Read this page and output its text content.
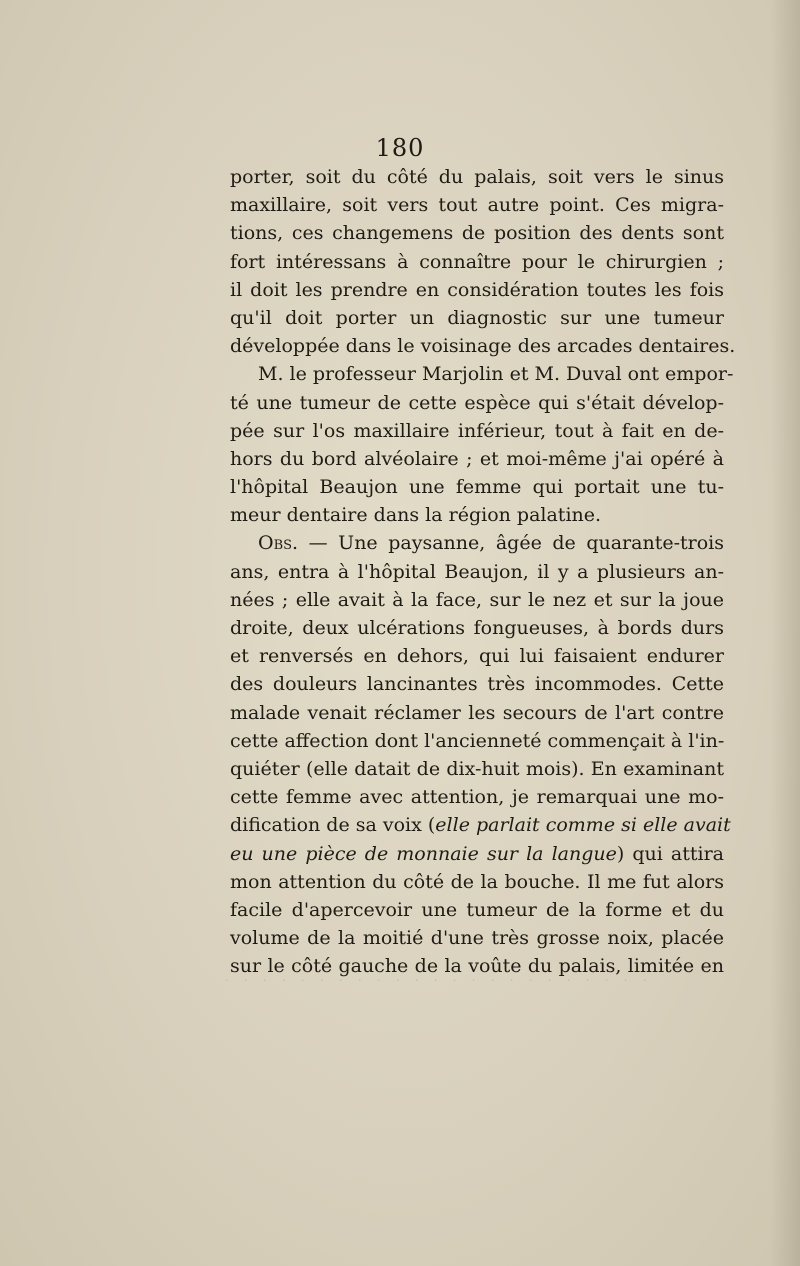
180
porter, soit du côté du palais, soit vers le sinus
maxillaire, soit vers tout autre point. Ces migra-
tions, ces changemens de position des dents sont
fort intéressans à connaître pour le chirurgien ;
il doit les prendre en considération toutes les fois
qu'il doit porter un diagnostic sur une tumeur
développée dans le voisinage des arcades dentaires.
M. le professeur Marjolin et M. Duval ont empor-
té une tumeur de cette espèce qui s'était dévelop-
pée sur l'os maxillaire inférieur, tout à fait en de-
hors du bord alvéolaire ; et moi-même j'ai opéré à
l'hôpital Beaujon une femme qui portait une tu-
meur dentaire dans la région palatine.
Obs. — Une paysanne, âgée de quarante-trois
ans, entra à l'hôpital Beaujon, il y a plusieurs an-
nées ; elle avait à la face, sur le nez et sur la joue
droite, deux ulcérations fongueuses, à bords durs
et renversés en dehors, qui lui faisaient endurer
des douleurs lancinantes très incommodes. Cette
malade venait réclamer les secours de l'art contre
cette affection dont l'ancienneté commençait à l'in-
quiéter (elle datait de dix-huit mois). En examinant
cette femme avec attention, je remarquai une mo-
dification de sa voix (elle parlait comme si elle avait
eu une pièce de monnaie sur la langue) qui attira
mon attention du côté de la bouche. Il me fut alors
facile d'apercevoir une tumeur de la forme et du
volume de la moitié d'une très grosse noix, placée
sur le côté gauche de la voûte du palais, limitée en
· · · · · · · · · · · · · · · · · · · · · · ·
